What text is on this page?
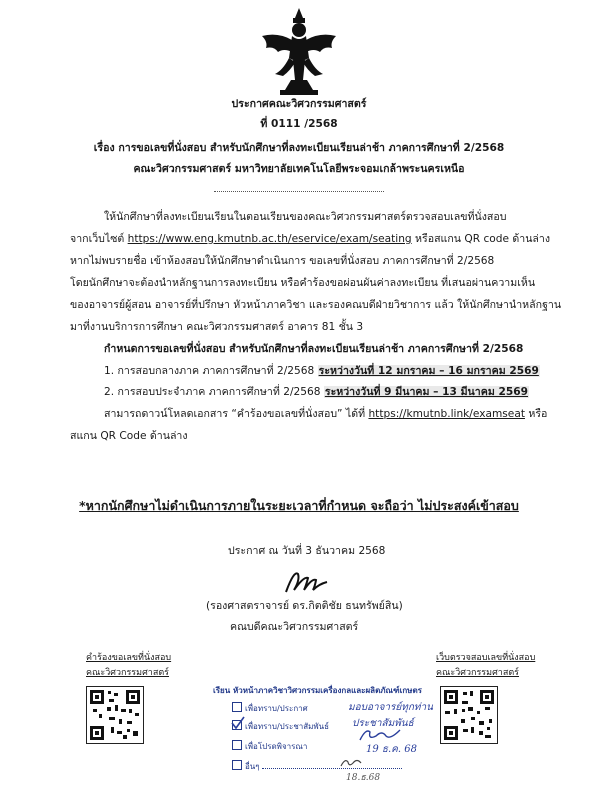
ประกาศคณะวิศวกรรมศาสตร์
ที่ 0111 /2568
เรื่อง การขอเลขที่นั่งสอบ สำหรับนักศึกษาที่ลงทะเบียนเรียนล่าช้า ภาคการศึกษาที่ 2/2568
คณะวิศวกรรมศาสตร์ มหาวิทยาลัยเทคโนโลยีพระจอมเกล้าพระนครเหนือ
ให้นักศึกษาที่ลงทะเบียนเรียนในตอนเรียนของคณะวิศวกรรมศาสตร์ตรวจสอบเลขที่นั่งสอบ
จากเว็บไซต์ https://www.eng.kmutnb.ac.th/eservice/exam/seating หรือสแกน QR code ด้านล่าง
หากไม่พบรายชื่อ เข้าห้องสอบให้นักศึกษาดำเนินการ ขอเลขที่นั่งสอบ ภาคการศึกษาที่ 2/2568
โดยนักศึกษาจะต้องนำหลักฐานการลงทะเบียน หรือคำร้องขอผ่อนผันค่าลงทะเบียน ที่เสนอผ่านความเห็น
ของอาจารย์ผู้สอน อาจารย์ที่ปรึกษา หัวหน้าภาควิชา และรองคณบดีฝ่ายวิชาการ แล้ว ให้นักศึกษานำหลักฐาน
มาที่งานบริการการศึกษา คณะวิศวกรรมศาสตร์ อาคาร 81 ชั้น 3
กำหนดการขอเลขที่นั่งสอบ สำหรับนักศึกษาที่ลงทะเบียนเรียนล่าช้า ภาคการศึกษาที่ 2/2568
1. การสอบกลางภาค ภาคการศึกษาที่ 2/2568 ระหว่างวันที่ 12 มกราคม – 16 มกราคม 2569
2. การสอบประจำภาค ภาคการศึกษาที่ 2/2568 ระหว่างวันที่ 9 มีนาคม – 13 มีนาคม 2569
สามารถดาวน์โหลดเอกสาร “คำร้องขอเลขที่นั่งสอบ” ได้ที่ https://kmutnb.link/examseat หรือ
สแกน QR Code ด้านล่าง
*หากนักศึกษาไม่ดำเนินการภายในระยะเวลาที่กำหนด จะถือว่า ไม่ประสงค์เข้าสอบ
ประกาศ ณ วันที่ 3 ธันวาคม 2568
(รองศาสตราจารย์ ดร.กิตติชัย ธนทรัพย์สิน)
คณบดีคณะวิศวกรรมศาสตร์
คำร้องขอเลขที่นั่งสอบ
คณะวิศวกรรมศาสตร์
เว็บตรวจสอบเลขที่นั่งสอบ
คณะวิศวกรรมศาสตร์
เรียน หัวหน้าภาควิชาวิศวกรรมเครื่องกลและผลิตภัณฑ์เกษตร
เพื่อทราบ/ประกาศ
เพื่อทราบ/ประชาสัมพันธ์
เพื่อโปรดพิจารณา
อื่นๆ
มอบอาจารย์ทุกท่าน
ประชาสัมพันธ์
19 ธ.ค. 68
18.ธ.68
